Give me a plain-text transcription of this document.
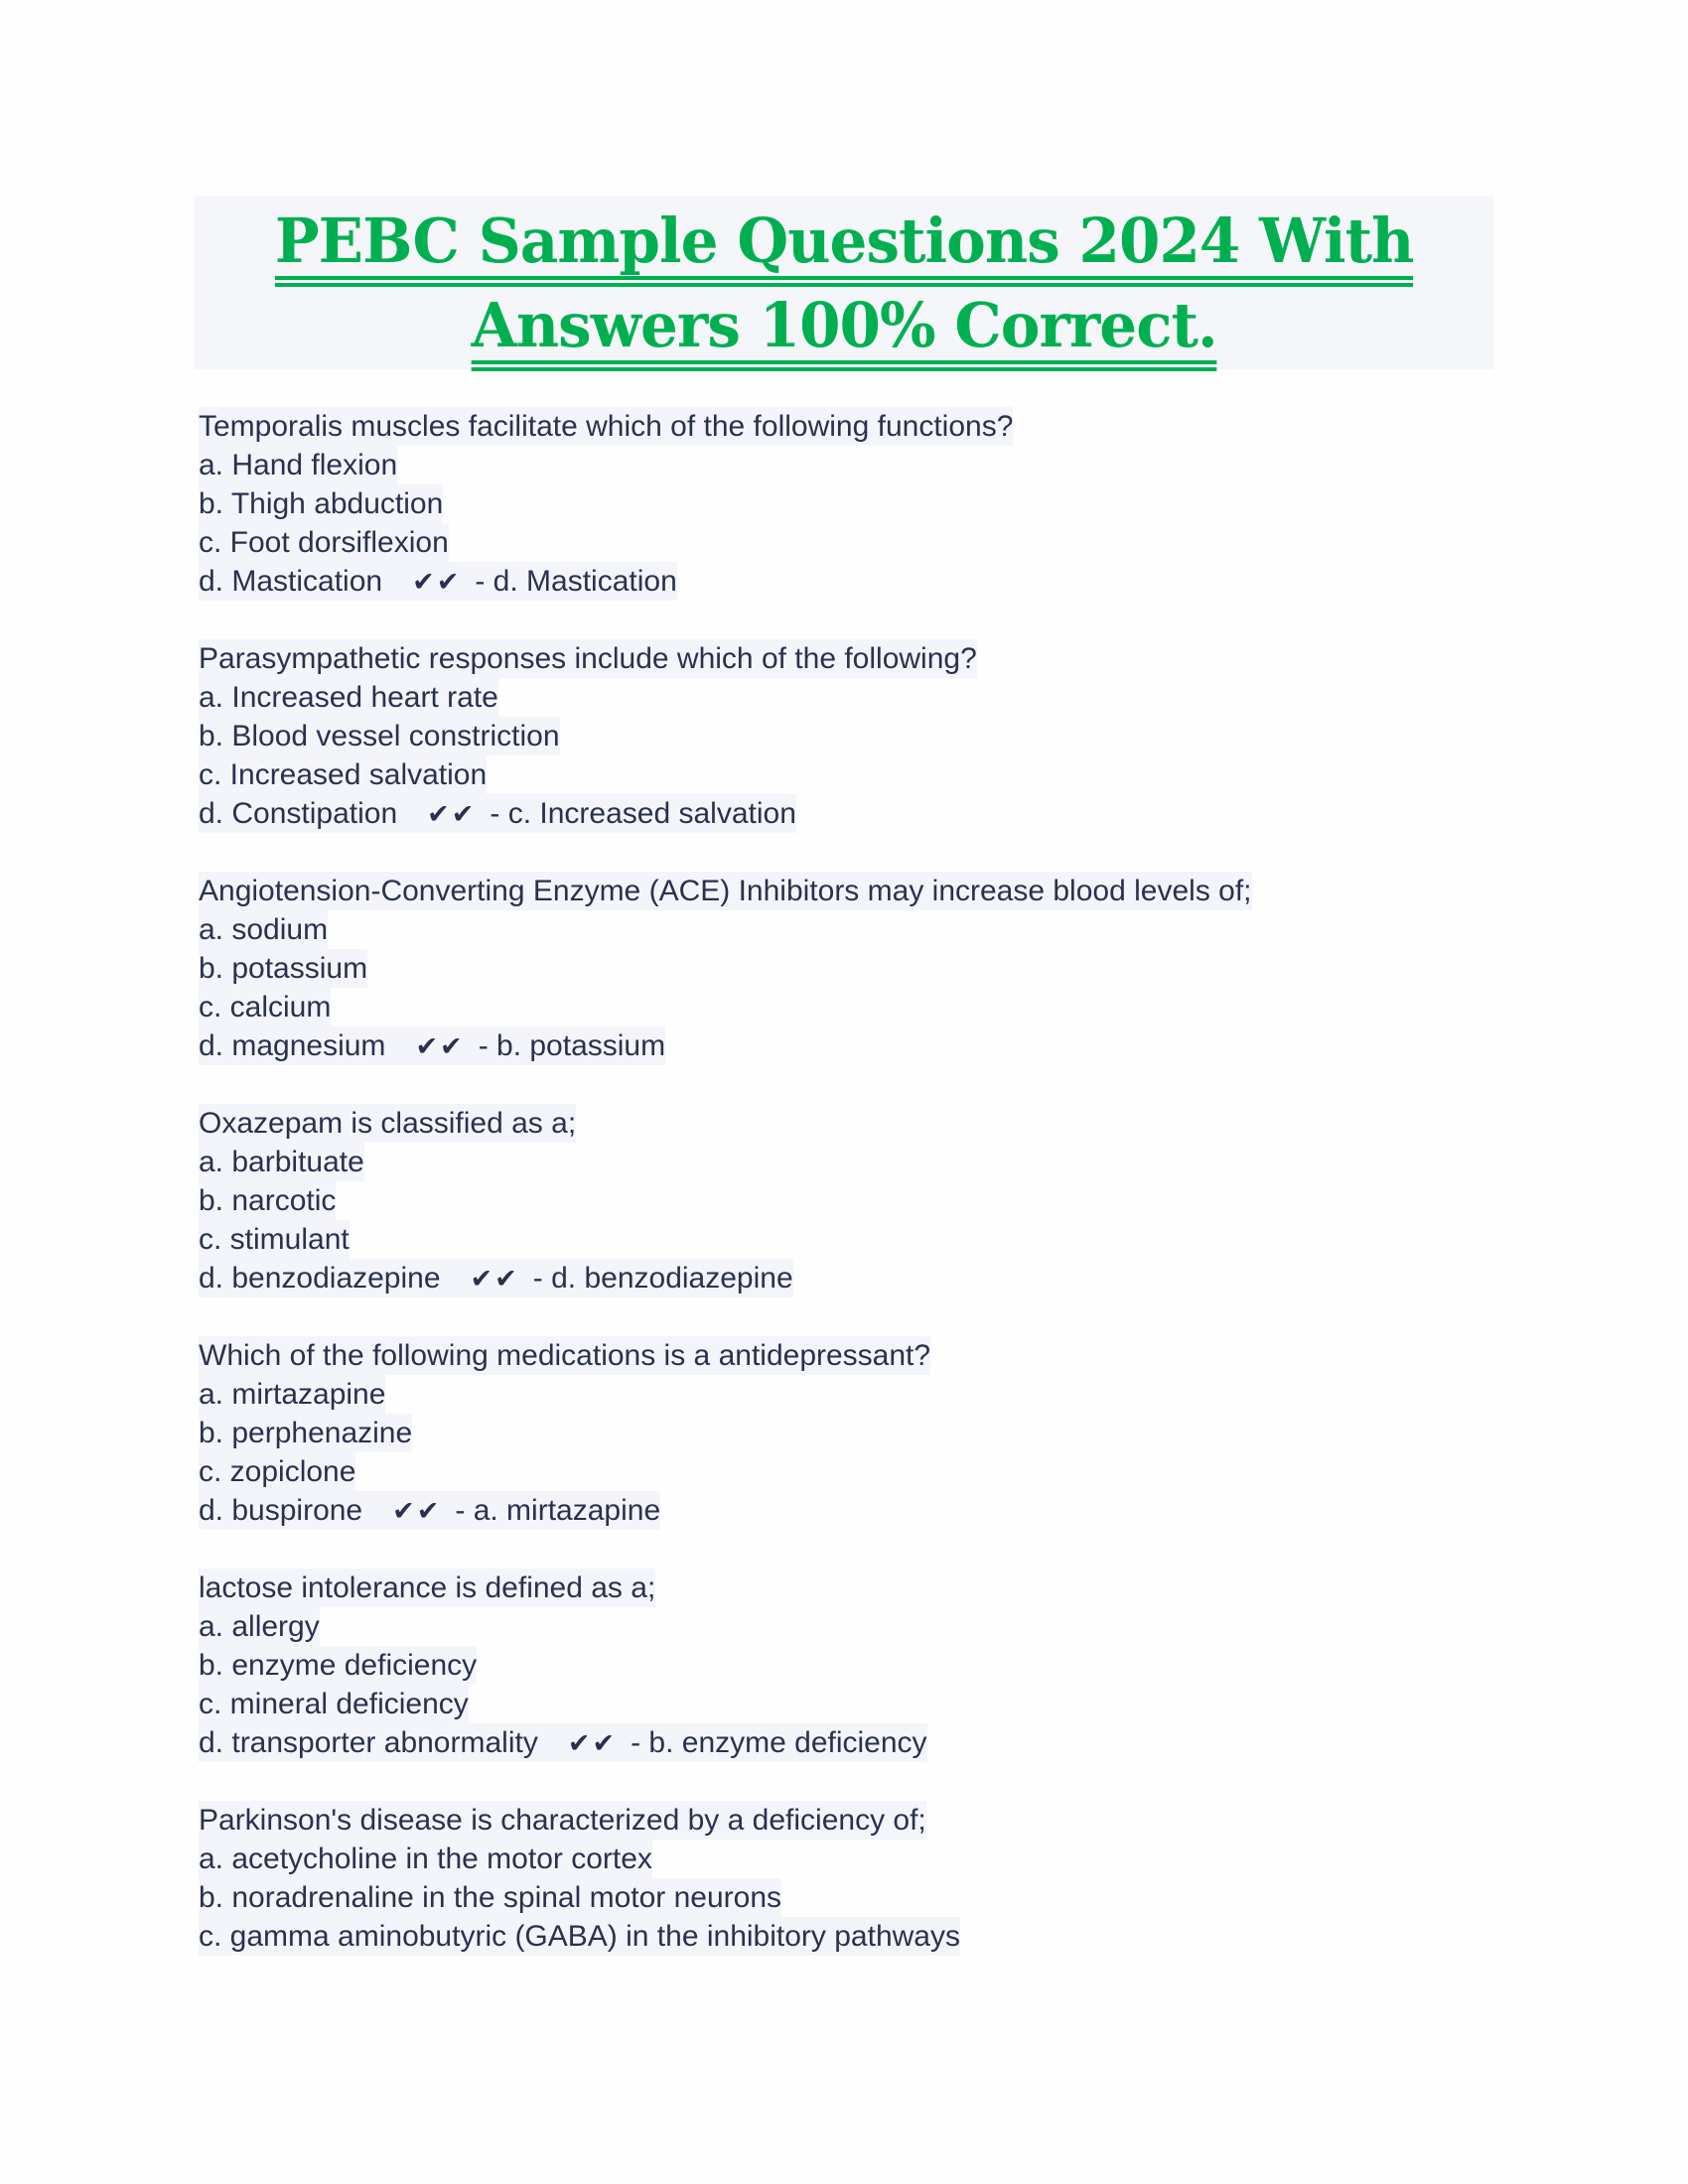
PEBC Sample Questions 2024 With
Answers 100% Correct.
Temporalis muscles facilitate which of the following functions?
a. Hand flexion
b. Thigh abduction
c. Foot dorsiflexion
d. Mastication ✔✔ - d. Mastication
Parasympathetic responses include which of the following?
a. Increased heart rate
b. Blood vessel constriction
c. Increased salvation
d. Constipation ✔✔ - c. Increased salvation
Angiotension-Converting Enzyme (ACE) Inhibitors may increase blood levels of;
a. sodium
b. potassium
c. calcium
d. magnesium ✔✔ - b. potassium
Oxazepam is classified as a;
a. barbituate
b. narcotic
c. stimulant
d. benzodiazepine ✔✔ - d. benzodiazepine
Which of the following medications is a antidepressant?
a. mirtazapine
b. perphenazine
c. zopiclone
d. buspirone ✔✔ - a. mirtazapine
lactose intolerance is defined as a;
a. allergy
b. enzyme deficiency
c. mineral deficiency
d. transporter abnormality ✔✔ - b. enzyme deficiency
Parkinson's disease is characterized by a deficiency of;
a. acetycholine in the motor cortex
b. noradrenaline in the spinal motor neurons
c. gamma aminobutyric (GABA) in the inhibitory pathways
